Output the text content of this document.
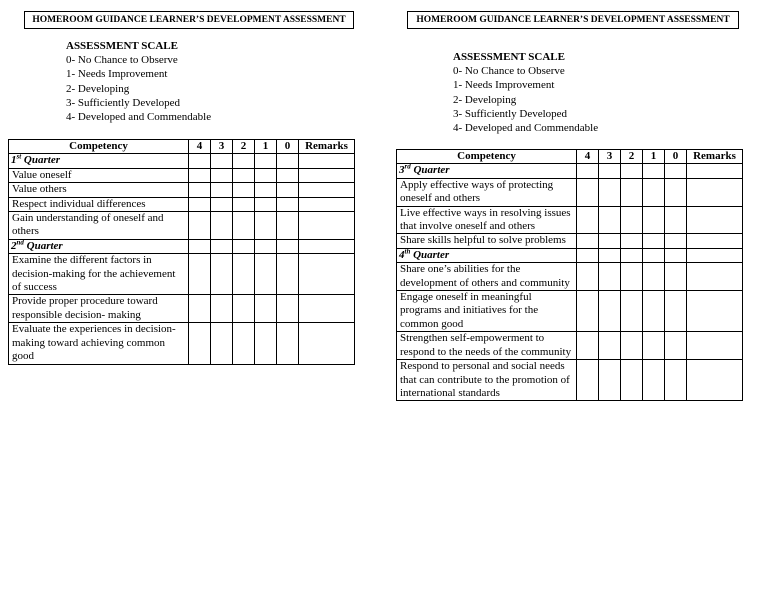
HOMEROOM GUIDANCE LEARNER’S DEVELOPMENT ASSESSMENT
ASSESSMENT SCALE
0- No Chance to Observe
1- Needs Improvement
2- Developing
3- Sufficiently Developed
4- Developed and Commendable
Competency	4	3	2	1	0	Remarks
1st Quarter						
Value oneself						
Value others						
Respect individual differences						
Gain understanding of oneself and others						
2nd Quarter						
Examine the different factors in decision-making for the achievement of success						
Provide proper procedure toward responsible decision- making						
Evaluate the experiences in decision-making toward achieving common good						
HOMEROOM GUIDANCE LEARNER’S DEVELOPMENT ASSESSMENT
ASSESSMENT SCALE
0- No Chance to Observe
1- Needs Improvement
2- Developing
3- Sufficiently Developed
4- Developed and Commendable
Competency	4	3	2	1	0	Remarks
3rd Quarter						
Apply effective ways of protecting oneself and others						
Live effective ways in resolving issues that involve oneself and others						
Share skills helpful to solve problems						
4th Quarter						
Share one’s abilities for the development of others and community						
Engage oneself in meaningful programs and initiatives for the common good						
Strengthen self-empowerment to respond to the needs of the community						
Respond to personal and social needs that can contribute to the promotion of international standards						
